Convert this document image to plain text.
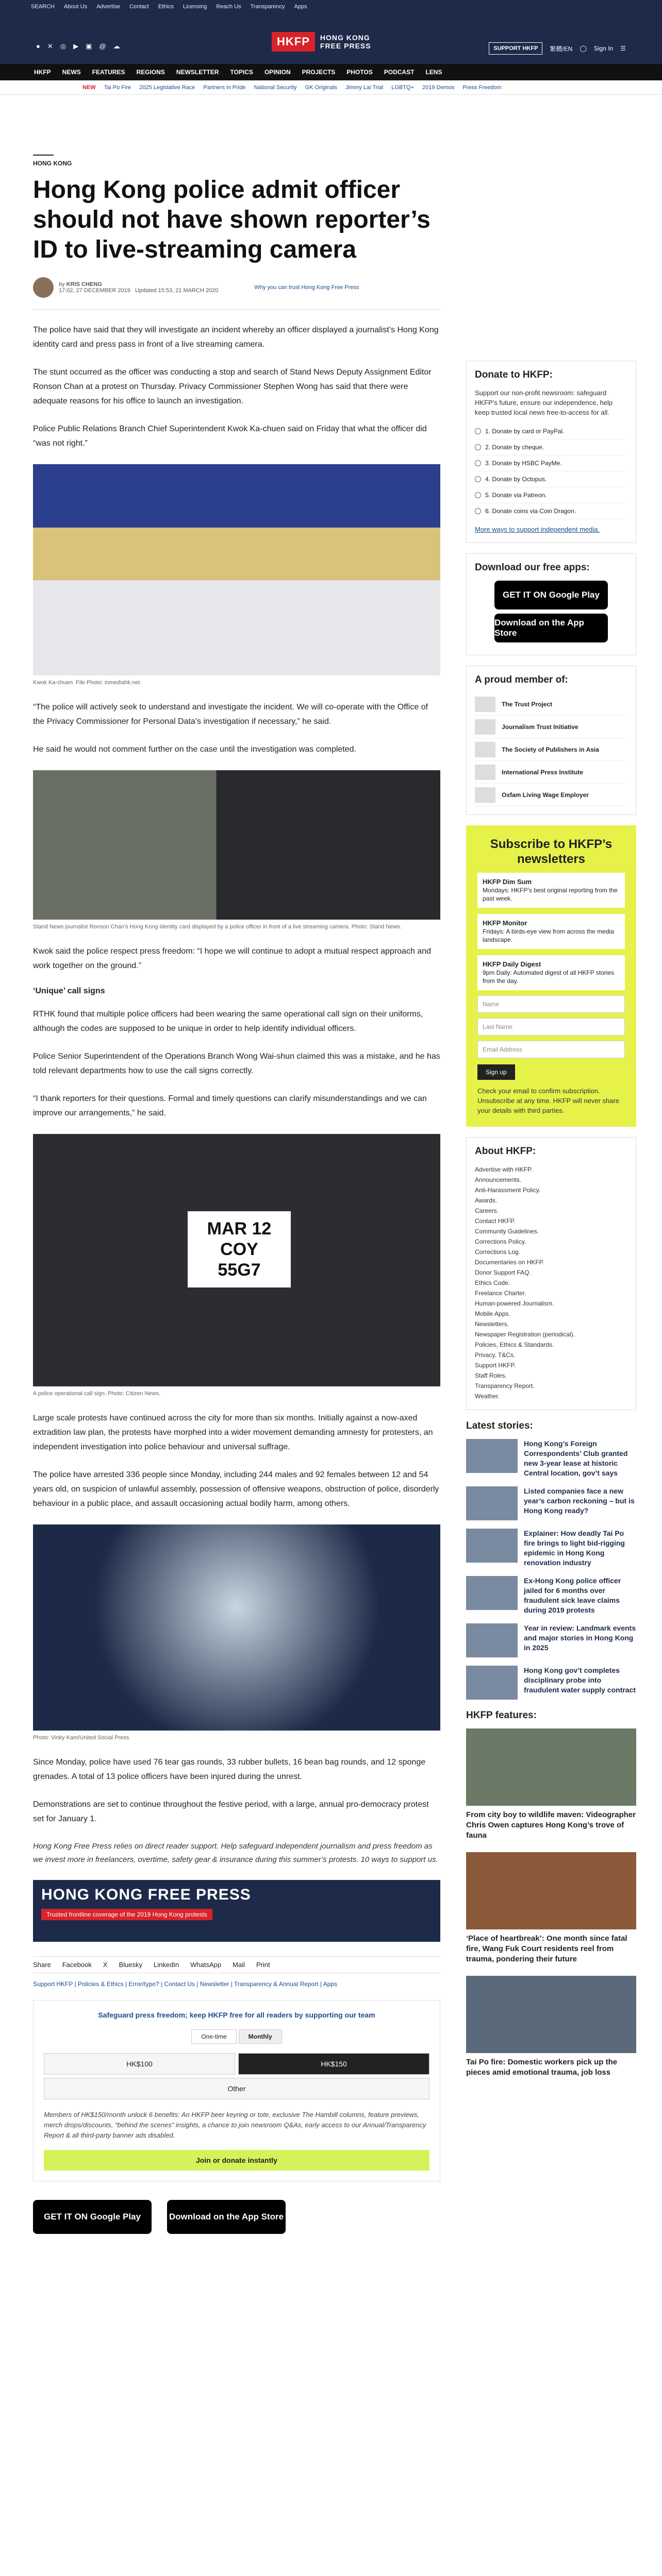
SEARCH About Us Advertise Contact Ethics Licensing Reach Us Transparency Apps
● ✕ ◎ ▶ ▣ @ ☁	HKFP	HONG KONG
FREE PRESS	SUPPORT HKFP	繁體/EN ◯ Sign In ☰
HKFP NEWS FEATURES REGIONS NEWSLETTER TOPICS OPINION PROJECTS PHOTOS PODCAST LENS
NEW Tai Po Fire 2025 Legislative Race Partners in Pride National Security GK Originals Jimmy Lai Trial LGBTQ+ 2019 Demos Press Freedom
HONG KONG
Hong Kong police admit officer should not have shown reporter’s ID to live-streaming camera
by KRIS CHENG
17:02, 27 DECEMBER 2019 Updated 15:53, 21 MARCH 2020	Why you can trust Hong Kong Free Press

The police have said that they will investigate an incident whereby an officer displayed a journalist’s Hong Kong identity card and press pass in front of a live streaming camera.

The stunt occurred as the officer was conducting a stop and search of Stand News Deputy Assignment Editor Ronson Chan at a protest on Thursday. Privacy Commissioner Stephen Wong has said that there were adequate reasons for his office to launch an investigation.

Police Public Relations Branch Chief Superintendent Kwok Ka-chuen said on Friday that what the officer did “was not right.”

Kwok Ka-chuen. File Photo: inmediahk.net.

“The police will actively seek to understand and investigate the incident. We will co-operate with the Office of the Privacy Commissioner for Personal Data’s investigation if necessary,” he said.

He said he would not comment further on the case until the investigation was completed.

Stand News journalist Ronson Chan’s Hong Kong identity card displayed by a police officer in front of a live streaming camera. Photo: Stand News.

Kwok said the police respect press freedom: “I hope we will continue to adopt a mutual respect approach and work together on the ground.”

‘Unique’ call signs

RTHK found that multiple police officers had been wearing the same operational call sign on their uniforms, although the codes are supposed to be unique in order to help identify individual officers.

Police Senior Superintendent of the Operations Branch Wong Wai-shun claimed this was a mistake, and he has told relevant departments how to use the call signs correctly.

“I thank reporters for their questions. Formal and timely questions can clarify misunderstandings and we can improve our arrangements,” he said.

MAR 12 COY 55G7
A police operational call sign. Photo: Citizen News.

Large scale protests have continued across the city for more than six months. Initially against a now-axed extradition law plan, the protests have morphed into a wider movement demanding amnesty for protesters, an independent investigation into police behaviour and universal suffrage.

The police have arrested 336 people since Monday, including 244 males and 92 females between 12 and 54 years old, on suspicion of unlawful assembly, possession of offensive weapons, obstruction of police, disorderly behaviour in a public place, and assault occasioning actual bodily harm, among others.

Photo: Vinky Kam/United Social Press.

Since Monday, police have used 76 tear gas rounds, 33 rubber bullets, 16 bean bag rounds, and 12 sponge grenades. A total of 13 police officers have been injured during the unrest.

Demonstrations are set to continue throughout the festive period, with a large, annual pro-democracy protest set for January 1.

Hong Kong Free Press relies on direct reader support. Help safeguard independent journalism and press freedom as we invest more in freelancers, overtime, safety gear & insurance during this summer’s protests. 10 ways to support us.
HONG KONG FREE PRESS
Trusted frontline coverage of the 2019 Hong Kong protests
Share Facebook X Bluesky LinkedIn WhatsApp Mail Print
Support HKFP | Policies & Ethics | Error/typo? | Contact Us | Newsletter | Transparency & Annual Report | Apps
Safeguard press freedom; keep HKFP free for all readers by supporting our team
One-time	Monthly
HK$100	HK$150
Other
Members of HK$150/month unlock 6 benefits: An HKFP beer keyring or tote, exclusive The Hambill columns, feature previews, merch drops/discounts, “behind the scenes” insights, a chance to join newsroom Q&As, early access to our Annual/Transparency Report & all third-party banner ads disabled.
Join or donate instantly
GET IT ON Google Play	Download on the App Store
Donate to HKFP:
Support our non-profit newsroom: safeguard HKFP’s future, ensure our independence, help keep trusted local news free-to-access for all.
1. Donate by card or PayPal.
2. Donate by cheque.
3. Donate by HSBC PayMe.
4. Donate by Octopus.
5. Donate via Patreon.
6. Donate coins via Coin Dragon.
More ways to support independent media.
Download our free apps:
GET IT ON Google Play
Download on the App Store
A proud member of:
The Trust Project
Journalism Trust Initiative
The Society of Publishers in Asia
International Press Institute
Oxfam Living Wage Employer
Subscribe to HKFP’s newsletters
HKFP Dim Sum
Mondays: HKFP’s best original reporting from the past week.
HKFP Monitor
Fridays: A birds-eye view from across the media landscape.
HKFP Daily Digest
9pm Daily: Automated digest of all HKFP stories from the day.
Name
Last Name
Email Address
Sign up
Check your email to confirm subscription. Unsubscribe at any time. HKFP will never share your details with third parties.
About HKFP:
Advertise with HKFP.
Announcements.
Anti-Harassment Policy.
Awards.
Careers.
Contact HKFP.
Community Guidelines.
Corrections Policy.
Corrections Log.
Documentaries on HKFP.
Donor Support FAQ.
Ethics Code.
Freelance Charter.
Human-powered Journalism.
Mobile Apps.
Newsletters.
Newspaper Registration (periodical).
Policies, Ethics & Standards.
Privacy, T&Cs.
Support HKFP.
Staff Roles.
Transparency Report.
Weather.
Latest stories:
Hong Kong’s Foreign Correspondents’ Club granted new 3-year lease at historic Central location, gov’t says
Listed companies face a new year’s carbon reckoning – but is Hong Kong ready?
Explainer: How deadly Tai Po fire brings to light bid-rigging epidemic in Hong Kong renovation industry
Ex-Hong Kong police officer jailed for 6 months over fraudulent sick leave claims during 2019 protests
Year in review: Landmark events and major stories in Hong Kong in 2025
Hong Kong gov’t completes disciplinary probe into fraudulent water supply contract
HKFP features:
From city boy to wildlife maven: Videographer Chris Owen captures Hong Kong’s trove of fauna
‘Place of heartbreak’: One month since fatal fire, Wang Fuk Court residents reel from trauma, pondering their future
Tai Po fire: Domestic workers pick up the pieces amid emotional trauma, job loss
